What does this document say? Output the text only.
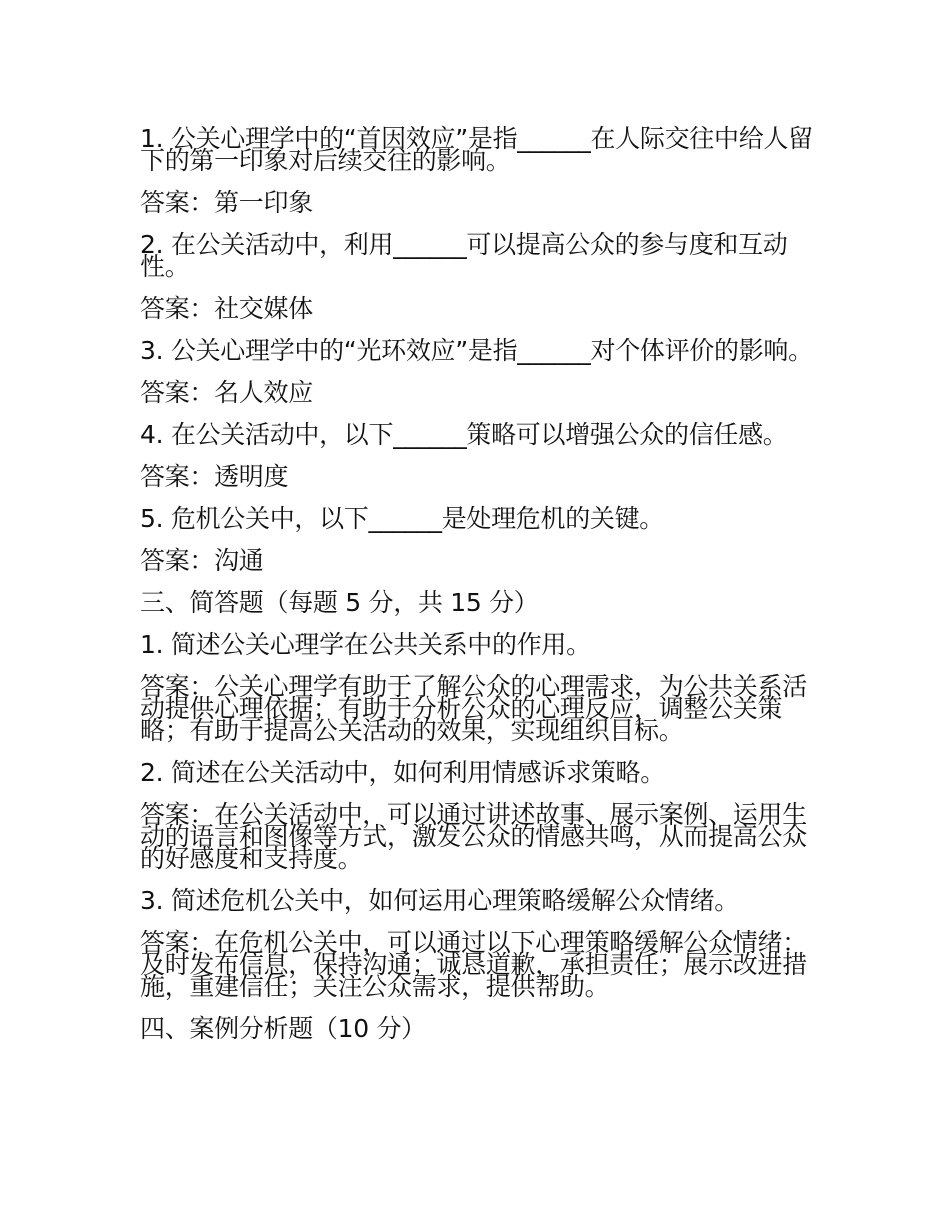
1. 公关心理学中的“首因效应”是指______在人际交往中给人留下的第一印象对后续交往的影响。

答案：第一印象

2. 在公关活动中，利用______可以提高公众的参与度和互动性。

答案：社交媒体

3. 公关心理学中的“光环效应”是指______对个体评价的影响。

答案：名人效应

4. 在公关活动中，以下______策略可以增强公众的信任感。

答案：透明度

5. 危机公关中，以下______是处理危机的关键。

答案：沟通

三、简答题（每题 5 分，共 15 分）

1. 简述公关心理学在公共关系中的作用。

答案：公关心理学有助于了解公众的心理需求，为公共关系活动提供心理依据；有助于分析公众的心理反应，调整公关策略；有助于提高公关活动的效果，实现组织目标。

2. 简述在公关活动中，如何利用情感诉求策略。

答案：在公关活动中，可以通过讲述故事、展示案例、运用生动的语言和图像等方式，激发公众的情感共鸣，从而提高公众的好感度和支持度。

3. 简述危机公关中，如何运用心理策略缓解公众情绪。

答案：在危机公关中，可以通过以下心理策略缓解公众情绪：及时发布信息，保持沟通；诚恳道歉，承担责任；展示改进措施，重建信任；关注公众需求，提供帮助。

四、案例分析题（10 分）
